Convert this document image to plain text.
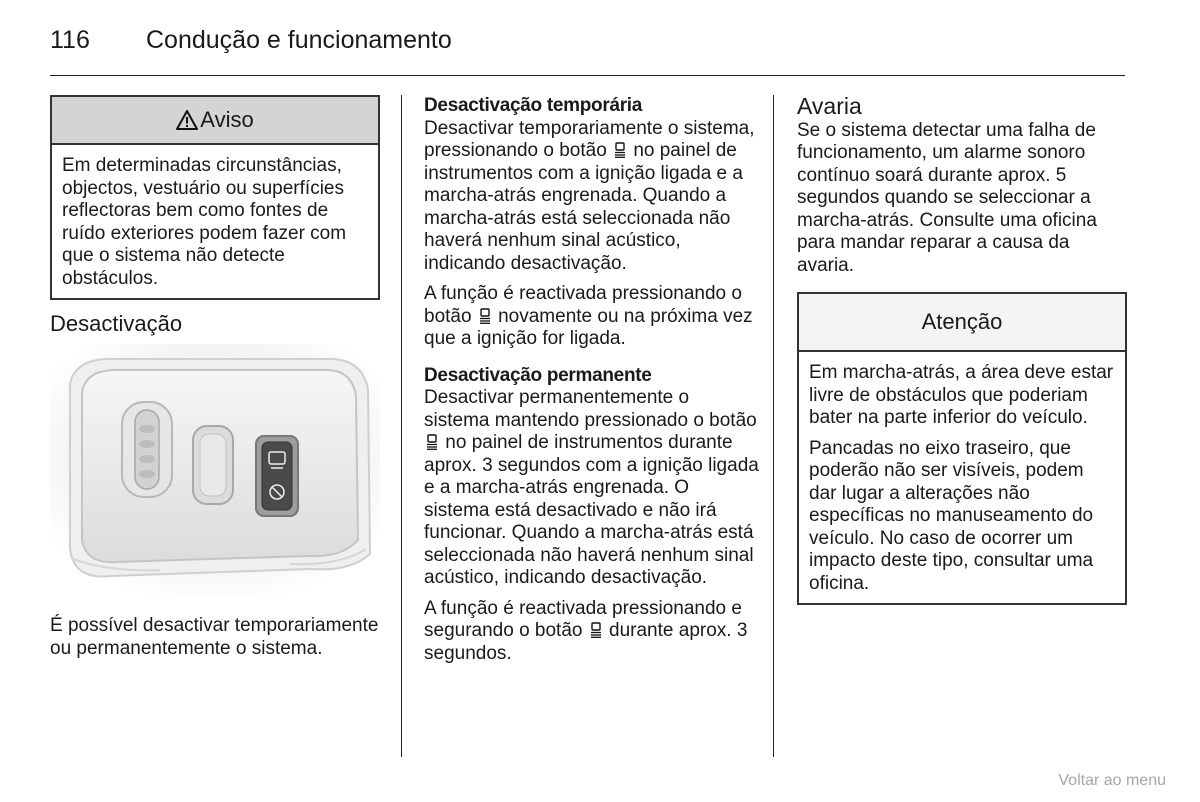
116 Condução e funcionamento
Aviso

Em determinadas circunstâncias, objectos, vestuário ou superfícies reflectoras bem como fontes de ruído exteriores podem fazer com que o sistema não detecte obstáculos.

Desactivação

É possível desactivar temporariamente ou permanentemente o sistema.

Desactivação temporária

Desactivar temporariamente o sistema, pressionando o botão no painel de instrumentos com a ignição ligada e a marcha-atrás engrenada. Quando a marcha-atrás está seleccionada não haverá nenhum sinal acústico, indicando desactivação.

A função é reactivada pressionando o botão novamente ou na próxima vez que a ignição for ligada.

Desactivação permanente

Desactivar permanentemente o sistema mantendo pressionado o botão  no painel de instrumentos durante aprox. 3 segundos com a ignição ligada e a marcha-atrás engrenada. O sistema está desactivado e não irá funcionar. Quando a marcha-atrás está seleccionada não haverá nenhum sinal acústico, indicando desactivação.

A função é reactivada pressionando e segurando o botão durante aprox. 3 segundos.

Avaria

Se o sistema detectar uma falha de funcionamento, um alarme sonoro contínuo soará durante aprox. 5 segundos quando se seleccionar a marcha-atrás. Consulte uma oficina para mandar reparar a causa da avaria.

Atenção

Em marcha-atrás, a área deve estar livre de obstáculos que poderiam bater na parte inferior do veículo.

Pancadas no eixo traseiro, que poderão não ser visíveis, podem dar lugar a alterações não específicas no manuseamento do veículo. No caso de ocorrer um impacto deste tipo, consultar uma oficina.

Voltar ao menu
